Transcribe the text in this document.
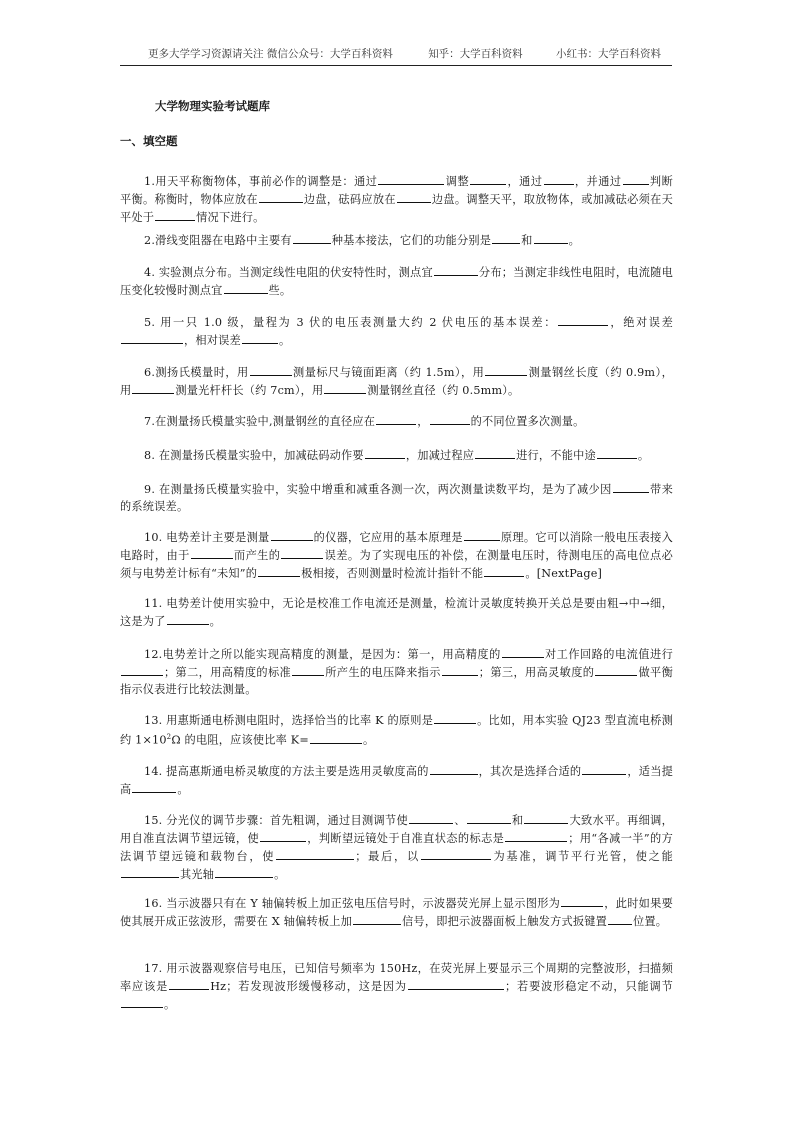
更多大学学习资源请关注 微信公众号：大学百科资料	知乎：大学百科资料	小红书：大学百科资料
大学物理实验考试题库
一、填空题
1.用天平称衡物体，事前必作的调整是：通过	调整	，通过	，并通过	判断平衡。称衡时，物体应放在	边盘，砝码应放在	边盘。调整天平，取放物体，或加减砝必须在天平处于	情况下进行。
2.滑线变阻器在电路中主要有	种基本接法，它们的功能分别是	和	。
4. 实验测点分布。当测定线性电阻的伏安特性时，测点宜	分布；当测定非线性电阻时，电流随电压变化较慢时测点宜	些。
5. 用一只 1.0 级，量程为 3 伏的电压表测量大约 2 伏电压的基本误差：	，绝对误差，相对误差	。
6.测扬氏模量时，用	测量标尺与镜面距离（约 1.5m），用	测量钢丝长度（约 0.9m），用	测量光杆杆长（约 7cm），用	测量钢丝直径（约 0.5mm）。
7.在测量扬氏模量实验中,测量钢丝的直径应在	，	的不同位置多次测量。
8. 在测量扬氏模量实验中，加减砝码动作要	，加减过程应	进行，不能中途	。
9. 在测量扬氏模量实验中，实验中增重和减重各测一次，两次测量读数平均，是为了减少因	带来的系统误差。
10. 电势差计主要是测量	的仪器，它应用的基本原理是	原理。它可以消除一般电压表接入电路时，由于	而产生的	误差。为了实现电压的补偿，在测量电压时，待测电压的高电位点必须与电势差计标有“未知”的	极相接，否则测量时检流计指针不能	。[NextPage]
11. 电势差计使用实验中，无论是校准工作电流还是测量，检流计灵敏度转换开关总是要由粗→中→细，这是为了	。
12.电势差计之所以能实现高精度的测量，是因为：第一，用高精度的	对工作回路的电流值进行；第二，用高精度的标准	所产生的电压降来指示	；第三，用高灵敏度的	做平衡指示仪表进行比较法测量。
13. 用惠斯通电桥测电阻时，选择恰当的比率 K 的原则是	。比如，用本实验 QJ23 型直流电桥测约 $1\times 10^2\Omega$ 的电阻，应该使比率 K=	。
14. 提高惠斯通电桥灵敏度的方法主要是选用灵敏度高的	，其次是选择合适的	，适当提高	。
15. 分光仪的调节步骤：首先粗调，通过目测调节使	、	和	大致水平。再细调，用自准直法调节望远镜，使	，判断望远镜处于自准直状态的标志是	；用“各减一半”的方法调节望远镜和载物台，使	；最后，以	为基准，调节平行光管，使之能其光轴	。
16. 当示波器只有在 Y 轴偏转板上加正弦电压信号时，示波器荧光屏上显示图形为	，此时如果要使其展开成正弦波形，需要在 X 轴偏转板上加	信号，即把示波器面板上触发方式扳键置 位置。
17. 用示波器观察信号电压，已知信号频率为 150Hz，在荧光屏上要显示三个周期的完整波形，扫描频率应该是	Hz；若发现波形缓慢移动，这是因为	；若要波形稳定不动，只能调节。
